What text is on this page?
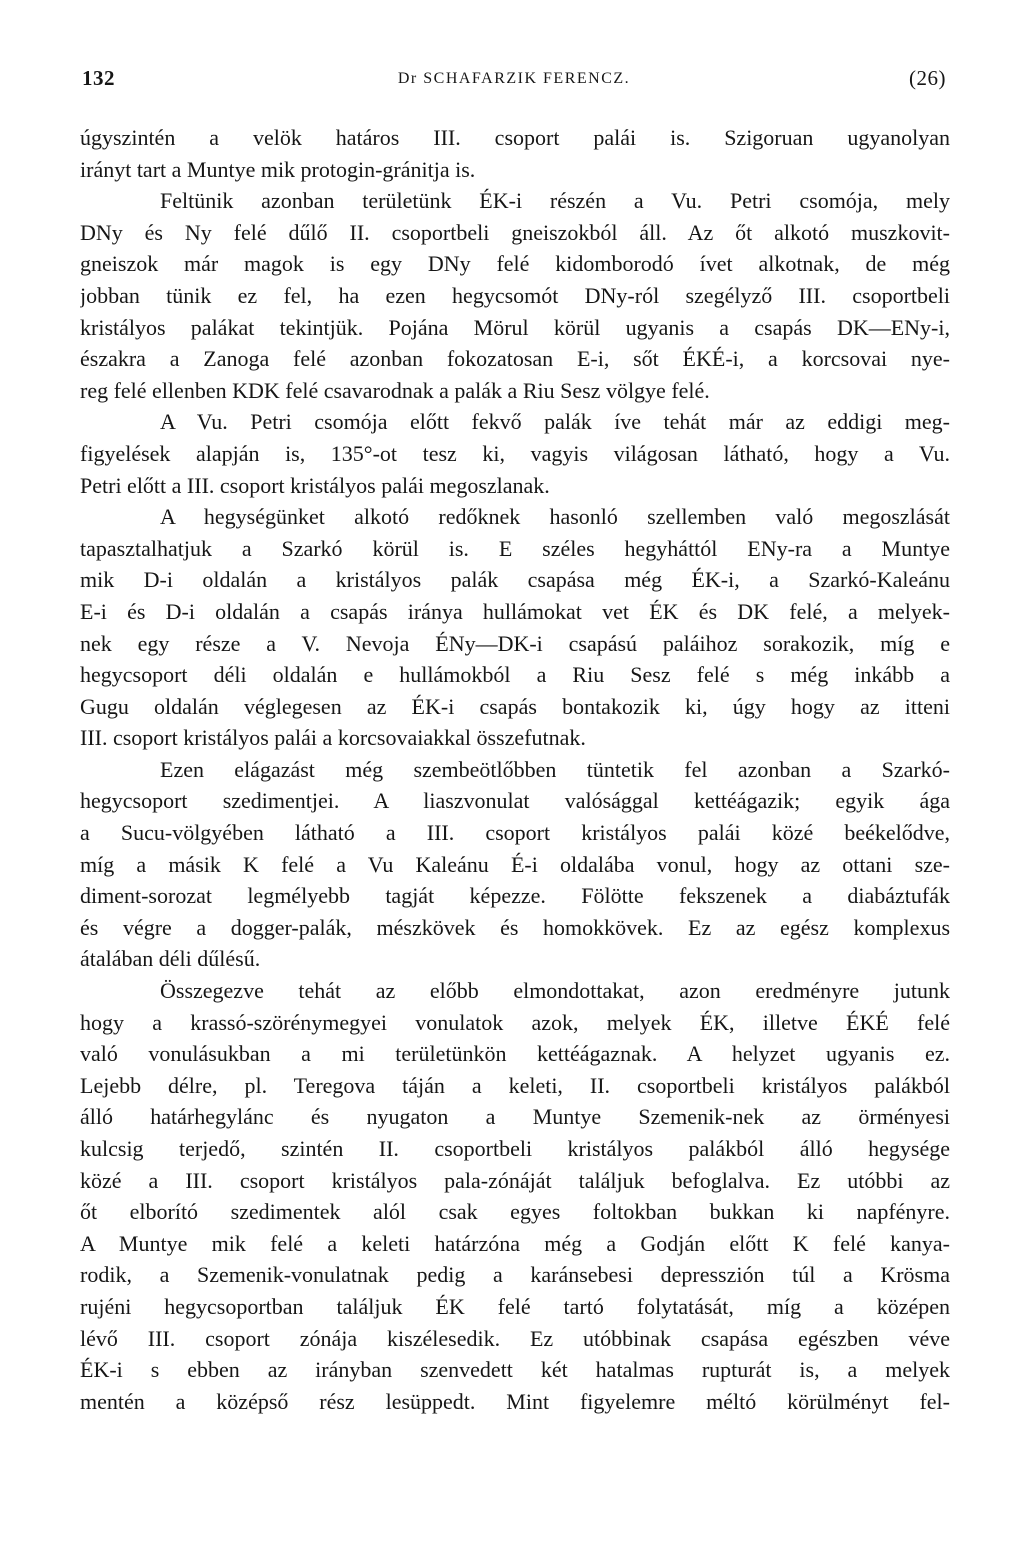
132	Dr SCHAFARZIK FERENCZ.	(26)
úgyszintén a velök határos III. csoport palái is. Szigoruan ugyanolyan
irányt tart a Muntye mik protogin-gránitja is.
Feltünik azonban területünk ÉK-i részén a Vu. Petri csomója, mely
DNy és Ny felé dűlő II. csoportbeli gneiszokból áll. Az őt alkotó muszkovit-
gneiszok már magok is egy DNy felé kidomborodó ívet alkotnak, de még
jobban tünik ez fel, ha ezen hegycsomót DNy-ról szegélyző III. csoportbeli
kristályos palákat tekintjük. Pojána Mörul körül ugyanis a csapás DK—ENy-i,
északra a Zanoga felé azonban fokozatosan E-i, sőt ÉKÉ-i, a korcsovai nye-
reg felé ellenben KDK felé csavarodnak a palák a Riu Sesz völgye felé.
A Vu. Petri csomója előtt fekvő palák íve tehát már az eddigi meg-
figyelések alapján is, 135°-ot tesz ki, vagyis világosan látható, hogy a Vu.
Petri előtt a III. csoport kristályos palái megoszlanak.
A hegységünket alkotó redőknek hasonló szellemben való megoszlását
tapasztalhatjuk a Szarkó körül is. E széles hegyháttól ENy-ra a Muntye
mik D-i oldalán a kristályos palák csapása még ÉK-i, a Szarkó-Kaleánu
E-i és D-i oldalán a csapás iránya hullámokat vet ÉK és DK felé, a melyek-
nek egy része a V. Nevoja ÉNy—DK-i csapású paláihoz sorakozik, míg e
hegycsoport déli oldalán e hullámokból a Riu Sesz felé s még inkább a
Gugu oldalán véglegesen az ÉK-i csapás bontakozik ki, úgy hogy az itteni
III. csoport kristályos palái a korcsovaiakkal összefutnak.
Ezen elágazást még szembeötlőbben tüntetik fel azonban a Szarkó-
hegycsoport szedimentjei. A liaszvonulat valósággal kettéágazik; egyik ága
a Sucu-völgyében látható a III. csoport kristályos palái közé beékelődve,
míg a másik K felé a Vu Kaleánu É-i oldalába vonul, hogy az ottani sze-
diment-sorozat legmélyebb tagját képezze. Fölötte fekszenek a diabáztufák
és végre a dogger-palák, mészkövek és homokkövek. Ez az egész komplexus
átalában déli dűlésű.
Összegezve tehát az előbb elmondottakat, azon eredményre jutunk
hogy a krassó-szörénymegyei vonulatok azok, melyek ÉK, illetve ÉKÉ felé
való vonulásukban a mi területünkön kettéágaznak. A helyzet ugyanis ez.
Lejebb délre, pl. Teregova táján a keleti, II. csoportbeli kristályos palákból
álló határhegylánc és nyugaton a Muntye Szemenik-nek az örményesi
kulcsig terjedő, szintén II. csoportbeli kristályos palákból álló hegysége
közé a III. csoport kristályos pala-zónáját találjuk befoglalva. Ez utóbbi az
őt elborító szedimentek alól csak egyes foltokban bukkan ki napfényre.
A Muntye mik felé a keleti határzóna még a Godján előtt K felé kanya-
rodik, a Szemenik-vonulatnak pedig a karánsebesi depresszión túl a Krösma
rujéni hegycsoportban találjuk ÉK felé tartó folytatását, míg a középen
lévő III. csoport zónája kiszélesedik. Ez utóbbinak csapása egészben véve
ÉK-i s ebben az irányban szenvedett két hatalmas rupturát is, a melyek
mentén a középső rész lesüppedt. Mint figyelemre méltó körülményt fel-
